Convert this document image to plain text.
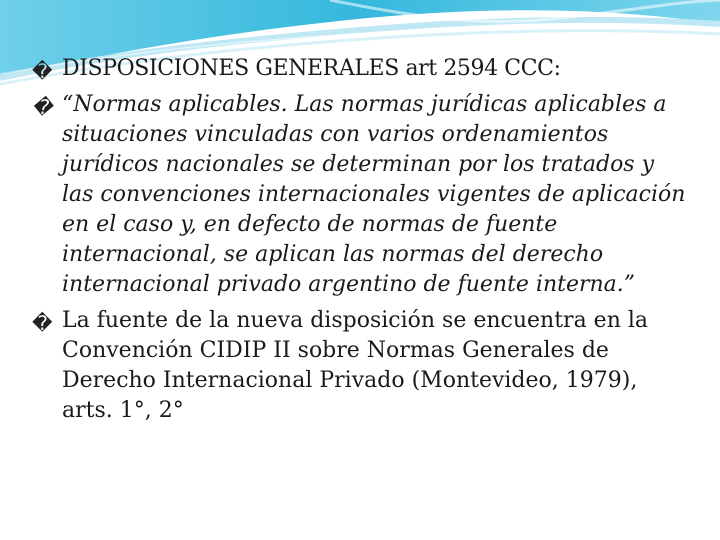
� DISPOSICIONES GENERALES art 2594 CCC:
� “Normas aplicables. Las normas jurídicas aplicables a situaciones vinculadas con varios ordenamientos jurídicos nacionales se determinan por los tratados y las convenciones internacionales vigentes de aplicación en el caso y, en defecto de normas de fuente internacional, se aplican las normas del derecho internacional privado argentino de fuente interna.”
� La fuente de la nueva disposición se encuentra en la Convención CIDIP II sobre Normas Generales de Derecho Internacional Privado (Montevideo, 1979), arts. 1°, 2°
